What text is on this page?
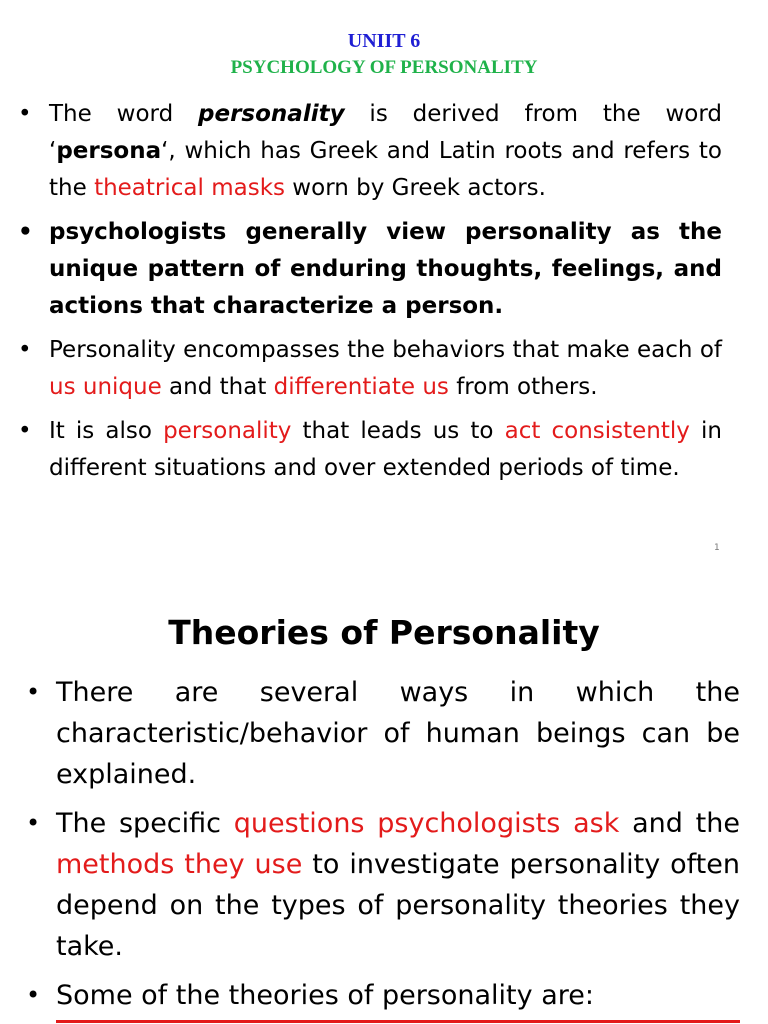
UNIIT 6
PSYCHOLOGY OF PERSONALITY
• The word personality is derived from the word ‘persona‘, which has Greek and Latin roots and refers to the theatrical masks worn by Greek actors.
• psychologists generally view personality as the unique pattern of enduring thoughts, feelings, and actions that characterize a person.
• Personality encompasses the behaviors that make each of us unique and that differentiate us from others.
• It is also personality that leads us to act consistently in different situations and over extended periods of time.
1
Theories of Personality
• There are several ways in which the characteristic/behavior of human beings can be explained.
• The specific questions psychologists ask and the methods they use to investigate personality often depend on the types of personality theories they take.
• Some of the theories of personality are:
